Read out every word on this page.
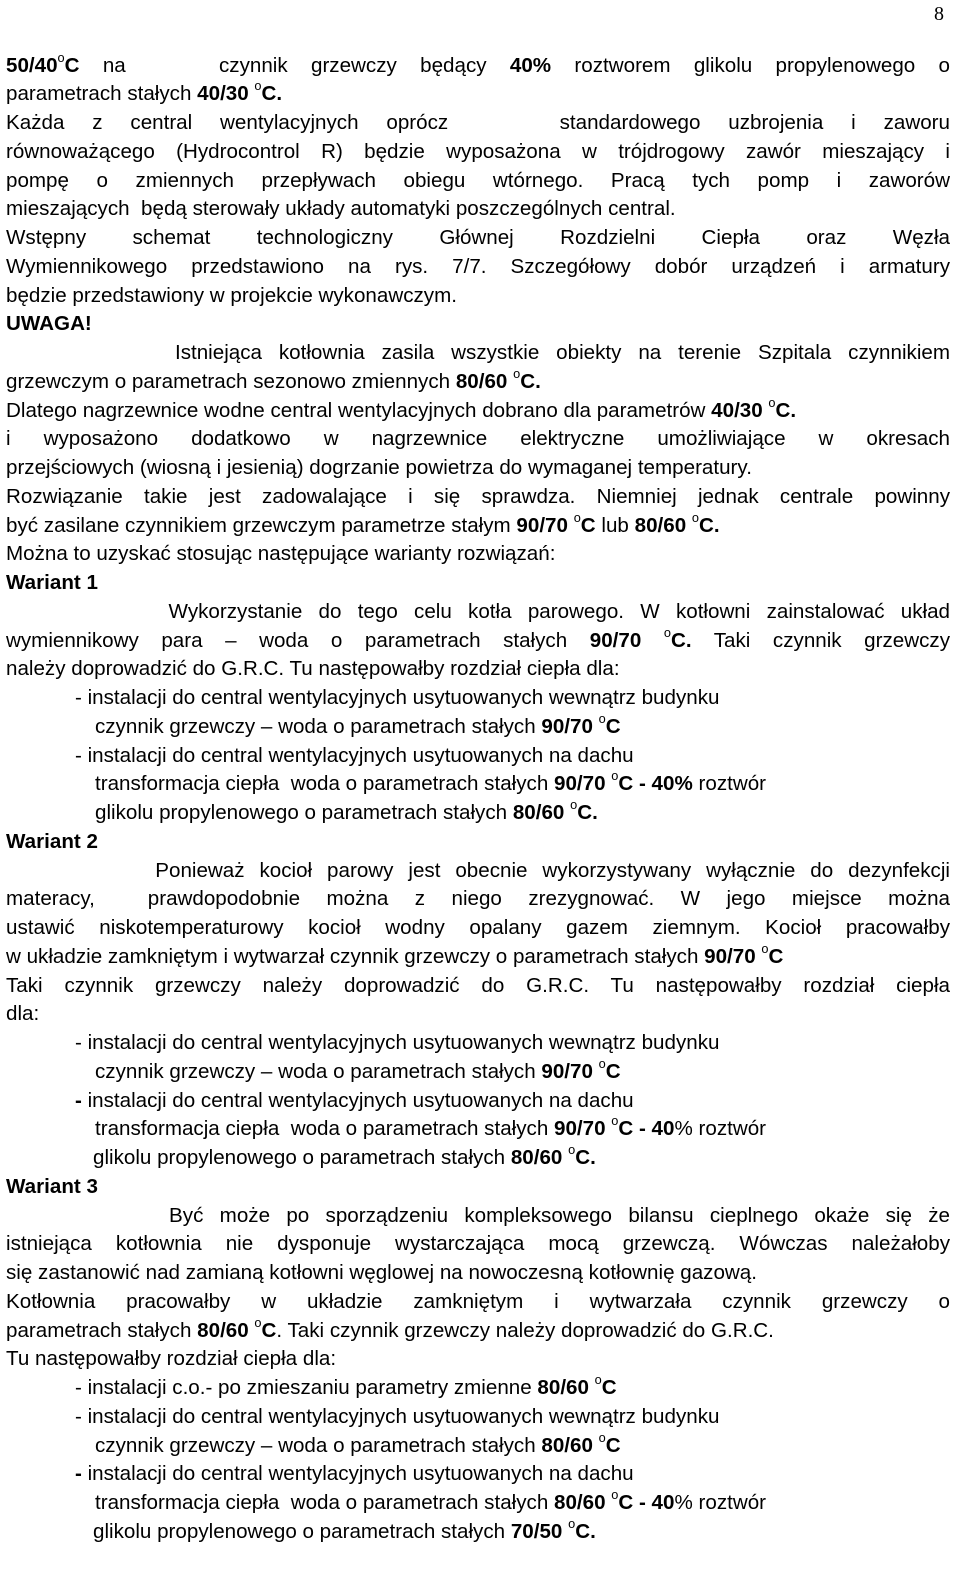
8
50/40$^o$C na    czynnik grzewczy będący 40% roztworem glikolu propylenowego o
parametrach stałych 40/30 $^o$C.
Każda z central wentylacyjnych oprócz    standardowego uzbrojenia i zaworu
równoważącego (Hydrocontrol R) będzie wyposażona w trójdrogowy zawór mieszający i
pompę o zmiennych przepływach obiegu wtórnego. Pracą tych pomp i zaworów
mieszających  będą sterowały układy automatyki poszczególnych central.
Wstępny schemat technologiczny Głównej Rozdzielni Ciepła oraz Węzła
Wymiennikowego przedstawiono na rys. 7/7. Szczegółowy dobór urządzeń i armatury
będzie przedstawiony w projekcie wykonawczym.
UWAGA!
Istniejąca kotłownia zasila wszystkie obiekty na terenie Szpitala czynnikiem
grzewczym o parametrach sezonowo zmiennych 80/60 $^o$C.
Dlatego nagrzewnice wodne central wentylacyjnych dobrano dla parametrów 40/30 $^o$C.
i wyposażono dodatkowo w nagrzewnice elektryczne umożliwiające w okresach
przejściowych (wiosną i jesienią) dogrzanie powietrza do wymaganej temperatury.
Rozwiązanie takie jest zadowalające i się sprawdza. Niemniej jednak centrale powinny
być zasilane czynnikiem grzewczym parametrze stałym 90/70 $^o$C lub 80/60 $^o$C.
Można to uzyskać stosując następujące warianty rozwiązań:
Wariant 1
Wykorzystanie do tego celu kotła parowego. W kotłowni zainstalować układ
wymiennikowy para – woda o parametrach stałych 90/70 $^o$C. Taki czynnik grzewczy
należy doprowadzić do G.R.C. Tu następowałby rozdział ciepła dla:
- instalacji do central wentylacyjnych usytuowanych wewnątrz budynku
czynnik grzewczy – woda o parametrach stałych 90/70 $^o$C
- instalacji do central wentylacyjnych usytuowanych na dachu
transformacja ciepła  woda o parametrach stałych 90/70 $^o$C - 40% roztwór
glikolu propylenowego o parametrach stałych 80/60 $^o$C.
Wariant 2
Ponieważ kocioł parowy jest obecnie wykorzystywany wyłącznie do dezynfekcji
materacy,  prawdopodobnie można z niego zrezygnować. W jego miejsce można
ustawić niskotemperaturowy kocioł wodny opalany gazem ziemnym. Kocioł pracowałby
w układzie zamkniętym i wytwarzał czynnik grzewczy o parametrach stałych 90/70 $^o$C
Taki czynnik grzewczy należy doprowadzić do G.R.C. Tu następowałby rozdział ciepła
dla:
- instalacji do central wentylacyjnych usytuowanych wewnątrz budynku
czynnik grzewczy – woda o parametrach stałych 90/70 $^o$C
- instalacji do central wentylacyjnych usytuowanych na dachu
transformacja ciepła  woda o parametrach stałych 90/70 $^o$C - 40% roztwór
glikolu propylenowego o parametrach stałych 80/60 $^o$C.
Wariant 3
Być może po sporządzeniu kompleksowego bilansu cieplnego okaże się że
istniejąca kotłownia nie dysponuje wystarczająca mocą grzewczą. Wówczas należałoby
się zastanowić nad zamianą kotłowni węglowej na nowoczesną kotłownię gazową.
Kotłownia pracowałby w układzie zamkniętym i wytwarzała czynnik grzewczy o
parametrach stałych 80/60 $^o$C. Taki czynnik grzewczy należy doprowadzić do G.R.C.
Tu następowałby rozdział ciepła dla:
- instalacji c.o.- po zmieszaniu parametry zmienne 80/60 $^o$C
- instalacji do central wentylacyjnych usytuowanych wewnątrz budynku
czynnik grzewczy – woda o parametrach stałych 80/60 $^o$C
- instalacji do central wentylacyjnych usytuowanych na dachu
transformacja ciepła  woda o parametrach stałych 80/60 $^o$C - 40% roztwór
glikolu propylenowego o parametrach stałych 70/50 $^o$C.
